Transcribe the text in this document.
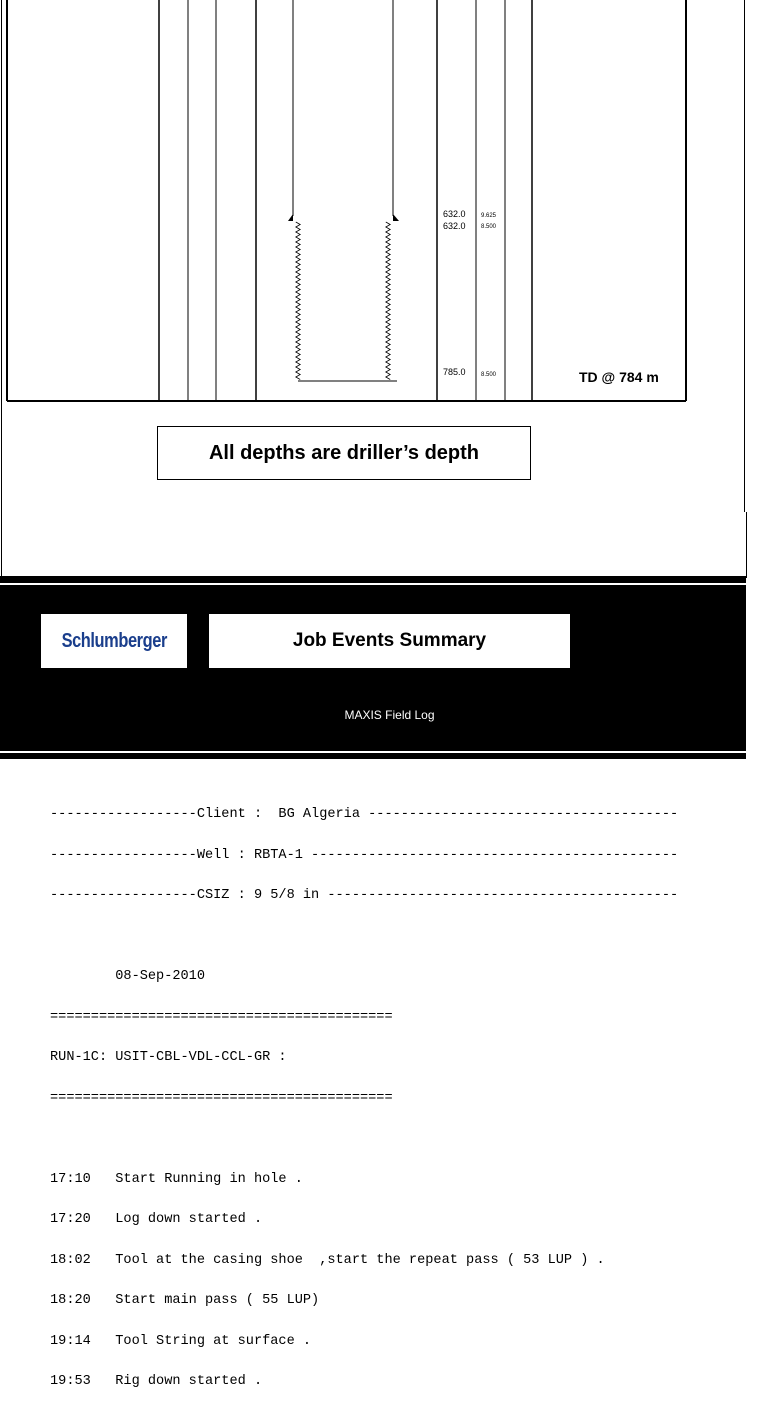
632.0
632.0
9.625
8.500
785.0	8.500	TD @ 784 m
All depths are driller’s depth
Schlumberger	Job Events Summary
MAXIS Field Log

------------------Client :  BG Algeria --------------------------------------

------------------Well : RBTA-1 ---------------------------------------------

------------------CSIZ : 9 5/8 in -------------------------------------------

08-Sep-2010

==========================================

RUN-1C: USIT-CBL-VDL-CCL-GR :

==========================================

17:10   Start Running in hole .

17:20   Log down started .

18:02   Tool at the casing shoe  ,start the repeat pass ( 53 LUP ) .

18:20   Start main pass ( 55 LUP)

19:14   Tool String at surface .

19:53   Rig down started .
